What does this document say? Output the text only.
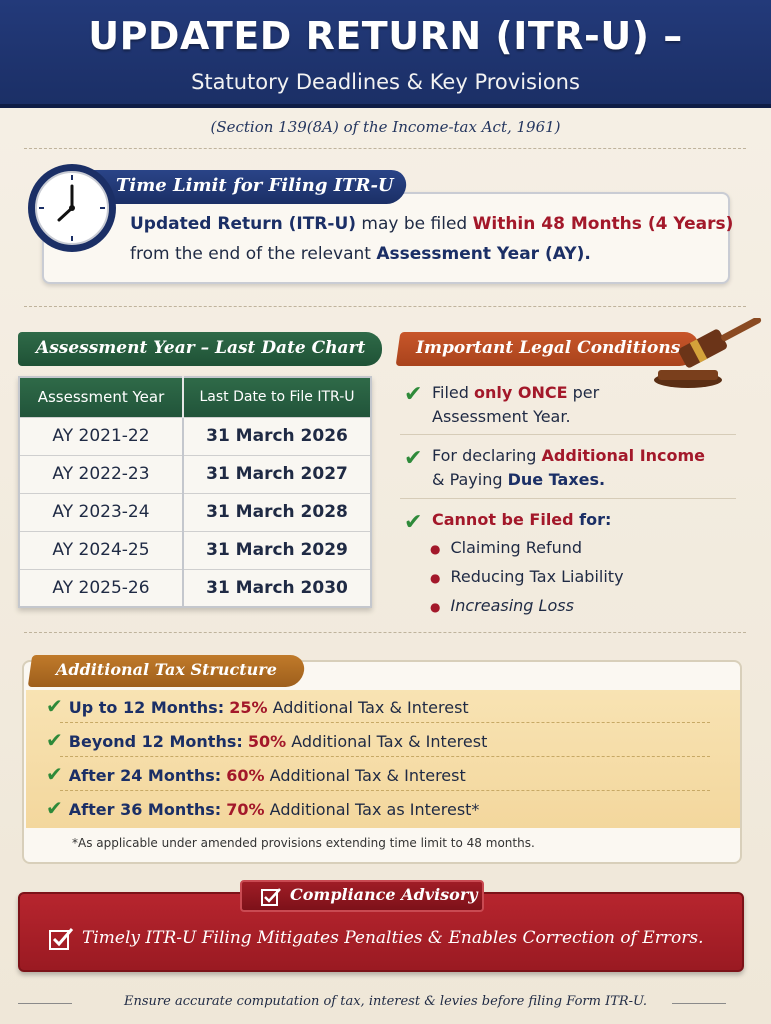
UPDATED RETURN (ITR-U) –
Statutory Deadlines & Key Provisions
(Section 139(8A) of the Income-tax Act, 1961)
Time Limit for Filing ITR-U
Updated Return (ITR-U) may be filed Within 48 Months (4 Years)
from the end of the relevant Assessment Year (AY).
Assessment Year – Last Date Chart
Assessment Year	Last Date to File ITR-U
AY 2021-22	31 March 2026
AY 2022-23	31 March 2027
AY 2023-24	31 March 2028
AY 2024-25	31 March 2029
AY 2025-26	31 March 2030
Important Legal Conditions
✔ Filed only ONCE per
Assessment Year.
✔ For declaring Additional Income
& Paying Due Taxes.
✔ Cannot be Filed for:
● Claiming Refund
● Reducing Tax Liability
● Increasing Loss
Additional Tax Structure
✔ Up to 12 Months: 25% Additional Tax & Interest
✔ Beyond 12 Months: 50% Additional Tax & Interest
✔ After 24 Months: 60% Additional Tax & Interest
✔ After 36 Months: 70% Additional Tax as Interest*
*As applicable under amended provisions extending time limit to 48 months.
Compliance Advisory
Timely ITR-U Filing Mitigates Penalties & Enables Correction of Errors.
Ensure accurate computation of tax, interest & levies before filing Form ITR-U.
